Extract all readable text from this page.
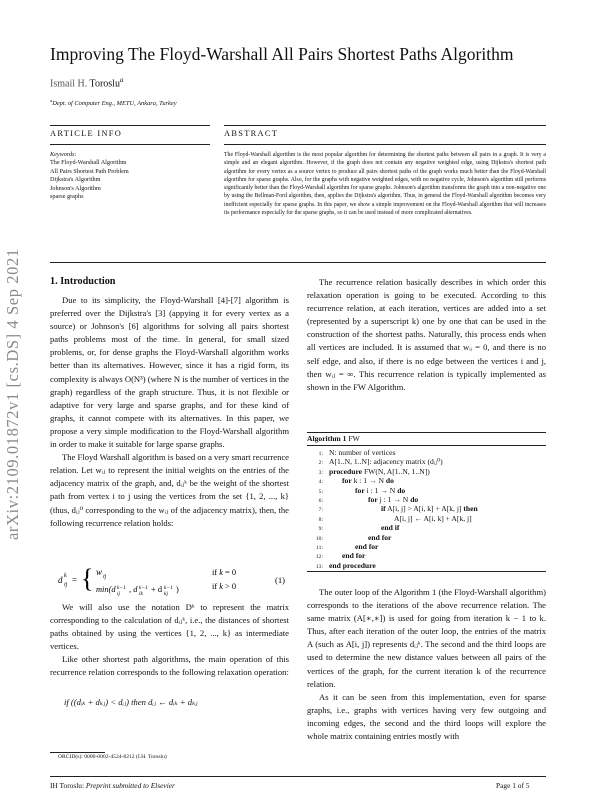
arXiv:2109.01872v1 [cs.DS] 4 Sep 2021
Improving The Floyd-Warshall All Pairs Shortest Paths Algorithm
Ismail H. Toroslu$^a$
$^a$Dept. of Computer Eng., METU, Ankara, Turkey
ARTICLE INFO	ABSTRACT
Keywords:
The Floyd-Warshall Algorithm
All Pairs Shortest Path Problem
Dijkstra's Algorithm
Johnson's Algorithm
sparse graphs
The Floyd-Warshall algorithm is the most popular algorithm for determining the shortest paths between all pairs in a graph. It is very a simple and an elegant algorithm. However, if the graph does not contain any negative weighted edge, using Dijkstra's shortest path algorithm for every vertex as a source vertex to produce all pairs shortest paths of the graph works much better than the Floyd-Warshall algorithm for sparse graphs. Also, for the graphs with negative weighted edges, with no negative cycle, Johnson's algorithm still performs significantly better than the Floyd-Warshall algorithm for sparse graphs. Johnson's algorithm transforms the graph into a non-negative one by using the Bellman-Ford algorithm, then, applies the Dijkstra's algorithm. Thus, in general the Floyd-Warshall algorithm becomes very inefficient especially for sparse graphs. In this paper, we show a simple improvement on the Floyd-Warshall algorithm that will increases its performance especially for the sparse graphs, so it can be used instead of more complicated alternatives.
1. Introduction

Due to its simplicity, the Floyd-Warshall [4]-[7] algorithm is preferred over the Dijkstra's [3] (appying it for every vertex as a source) or Johnson's [6] algorithms for solving all pairs shortest paths problems most of the time. In general, for small sized problems, or, for dense graphs the Floyd-Warshall algorithm works better than its alternatives. However, since it has a rigid form, its complexity is always O(N³) (where N is the number of vertices in the graph) regardless of the graph structure. Thus, it is not flexible or adaptive for very large and sparse graphs, and for these kind of graphs, it cannot compete with its alternatives. In this paper, we propose a very simple modification to the Floyd-Warshall algorithm in order to make it suitable for large sparse graphs.

The Floyd Warshall algorithm is based on a very smart recurrence relation. Let wᵢⱼ to represent the initial weights on the entries of the adjacency matrix of the graph, and, dᵢⱼᵏ be the weight of the shortest path from vertex i to j using the vertices from the set {1, 2, ..., k} (thus, dᵢⱼ⁰ corresponding to the wᵢⱼ of the adjacency matrix), then, the following recurrence relation holds:

d ij
k = { w ij
min(d k−1
ij , d k−1
ik + d k−1
kj )
if k = 0
if k > 0
(1)

We will also use the notation Dᵏ to represent the matrix corresponding to the calculation of dᵢⱼᵏ, i.e., the distances of shortest paths obtained by using the vertices {1, 2, ..., k} as intermediate vertices.

Like other shortest path algorithms, the main operation of this recurrence relation corresponds to the following relaxation operation:

if ((dᵢₖ + dₖⱼ) < dᵢⱼ) then dᵢⱼ ← dᵢₖ + dₖⱼ
ORCID(s): 0000-0002-4524-8212 (I.H. Toroslu)

The recurrence relation basically describes in which order this relaxation operation is going to be executed. According to this recurrence relation, at each iteration, vertices are added into a set (represented by a superscript k) one by one that can be used in the construction of the shortest paths. Naturally, this process ends when all vertices are included. It is assumed that wᵢᵢ = 0, and there is no self edge, and also, if there is no edge between the vertices i and j, then wᵢⱼ = ∞. This recurrence relation is typically implemented as shown in the FW Algorithm.

Algorithm 1 FW
1: N: number of vertices
2: A[1..N, 1..N]: adjacency matrix (dᵢⱼ⁰)
3: procedure FW(N, A[1..N, 1..N])
4:	for k : 1 → N do
5:	for i : 1 → N do
6:	for j : 1 → N do
7:	if A[i, j] > A[i, k] + A[k, j] then
8:	A[i, j] ← A[i, k] + A[k, j]
9:	end if
10:	end for
11:	end for
12:	end for
13: end procedure

The outer loop of the Algorithm 1 (the Floyd-Warshall algorithm) corresponds to the iterations of the above recurrence relation. The same matrix (A[∗,∗]) is used for going from iteration k − 1 to k. Thus, after each iteration of the outer loop, the entries of the matrix A (such as A[i, j]) represents dᵢⱼᵏ. The second and the third loops are used to determine the new distance values between all pairs of the vertices of the graph, for the current iteration k of the recurrence relation.

As it can be seen from this implementation, even for sparse graphs, i.e., graphs with vertices having very few outgoing and incoming edges, the second and the third loops will explore the whole matrix containing entries mostly with

IH Toroslu: Preprint submitted to Elsevier	Page 1 of 5
